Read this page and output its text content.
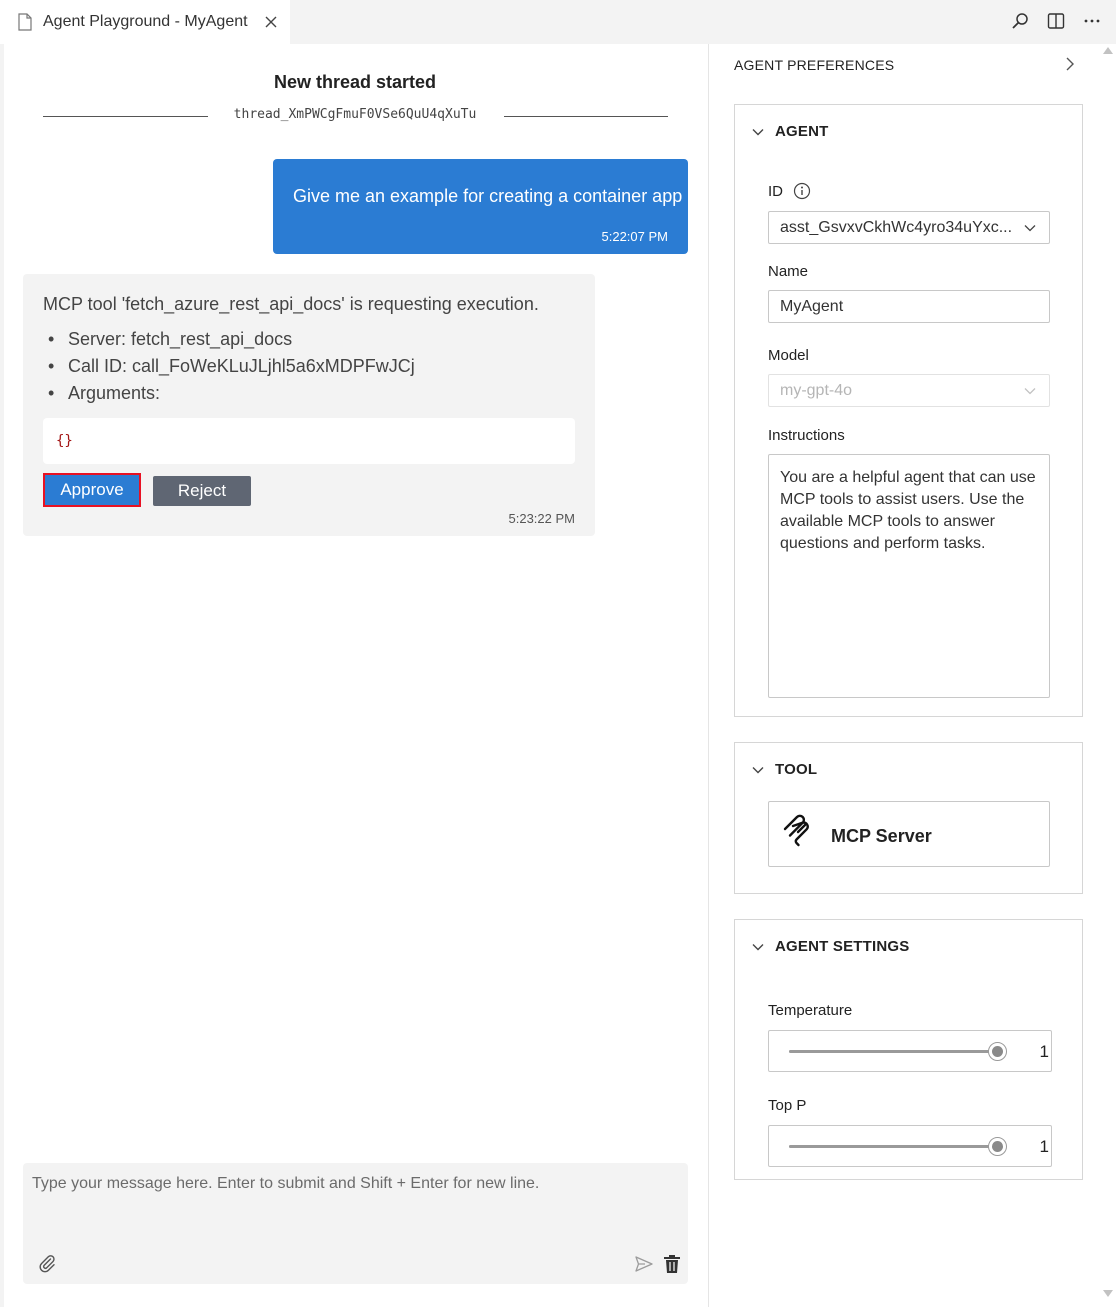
Agent Playground - MyAgent
New thread started
thread_XmPWCgFmuF0VSe6QuU4qXuTu
Give me an example for creating a container app
5:22:07 PM
MCP tool 'fetch_azure_rest_api_docs' is requesting execution.
• Server: fetch_rest_api_docs
• Call ID: call_FoWeKLuJLjhl5a6xMDPFwJCj
• Arguments:
{}
Approve	Reject
5:23:22 PM
Type your message here. Enter to submit and Shift + Enter for new line.
AGENT PREFERENCES
AGENT
ID
asst_GsvxvCkhWc4yro34uYxc...
Name
MyAgent
Model
my-gpt-4o
Instructions
You are a helpful agent that can use MCP tools to assist users. Use the available MCP tools to answer questions and perform tasks.
TOOL
MCP Server
AGENT SETTINGS
Temperature
1
Top P
1
